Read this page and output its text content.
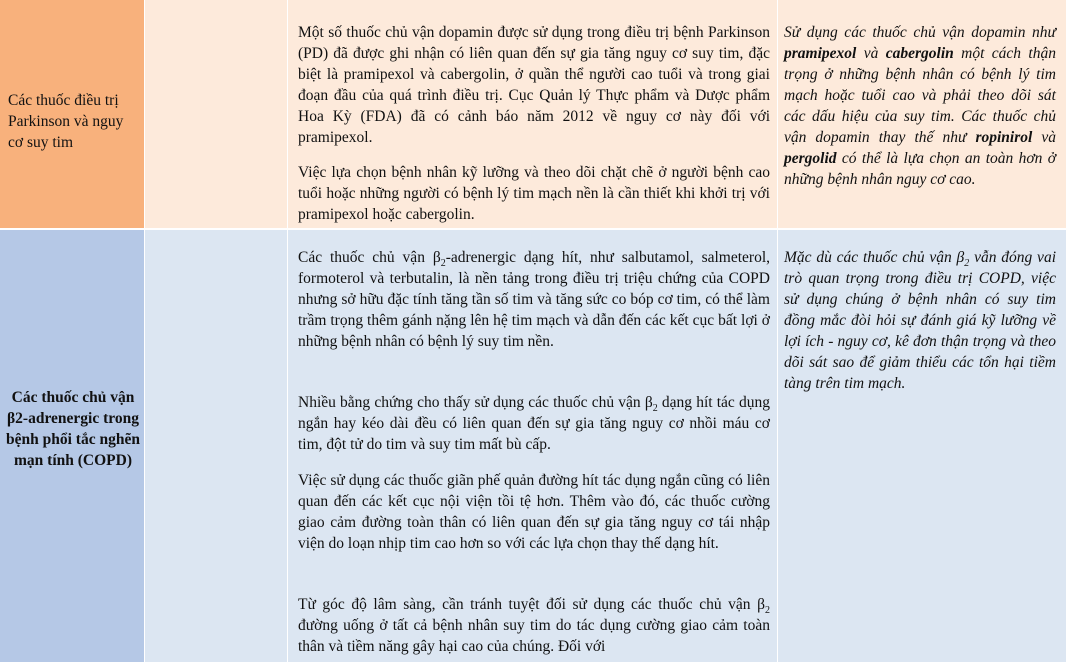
Các thuốc điều trị Parkinson và nguy cơ suy tim

Một số thuốc chủ vận dopamin được sử dụng trong điều trị bệnh Parkinson (PD) đã được ghi nhận có liên quan đến sự gia tăng nguy cơ suy tim, đặc biệt là pramipexol và cabergolin, ở quần thể người cao tuổi và trong giai đoạn đầu của quá trình điều trị. Cục Quản lý Thực phẩm và Dược phẩm Hoa Kỳ (FDA) đã có cảnh báo năm 2012 về nguy cơ này đối với pramipexol.

Việc lựa chọn bệnh nhân kỹ lưỡng và theo dõi chặt chẽ ở người bệnh cao tuổi hoặc những người có bệnh lý tim mạch nền là cần thiết khi khởi trị với pramipexol hoặc cabergolin.

Sử dụng các thuốc chủ vận dopamin như pramipexol và cabergolin một cách thận trọng ở những bệnh nhân có bệnh lý tim mạch hoặc tuổi cao và phải theo dõi sát các dấu hiệu của suy tim. Các thuốc chủ vận dopamin thay thế như ropinirol và pergolid có thể là lựa chọn an toàn hơn ở những bệnh nhân nguy cơ cao.

Các thuốc chủ vận β2-adrenergic trong bệnh phổi tắc nghẽn mạn tính (COPD)

Các thuốc chủ vận $\beta_2$-adrenergic dạng hít, như salbutamol, salmeterol, formoterol và terbutalin, là nền tảng trong điều trị triệu chứng của COPD nhưng sở hữu đặc tính tăng tần số tim và tăng sức co bóp cơ tim, có thể làm trầm trọng thêm gánh nặng lên hệ tim mạch và dẫn đến các kết cục bất lợi ở những bệnh nhân có bệnh lý suy tim nền.

Nhiều bằng chứng cho thấy sử dụng các thuốc chủ vận $\beta_2$ dạng hít tác dụng ngắn hay kéo dài đều có liên quan đến sự gia tăng nguy cơ nhồi máu cơ tim, đột tử do tim và suy tim mất bù cấp.

Việc sử dụng các thuốc giãn phế quản đường hít tác dụng ngắn cũng có liên quan đến các kết cục nội viện tồi tệ hơn. Thêm vào đó, các thuốc cường giao cảm đường toàn thân có liên quan đến sự gia tăng nguy cơ tái nhập viện do loạn nhịp tim cao hơn so với các lựa chọn thay thế dạng hít.

Từ góc độ lâm sàng, cần tránh tuyệt đối sử dụng các thuốc chủ vận $\beta_2$ đường uống ở tất cả bệnh nhân suy tim do tác dụng cường giao cảm toàn thân và tiềm năng gây hại cao của chúng. Đối với

Mặc dù các thuốc chủ vận $\beta_2$ vẫn đóng vai trò quan trọng trong điều trị COPD, việc sử dụng chúng ở bệnh nhân có suy tim đồng mắc đòi hỏi sự đánh giá kỹ lưỡng về lợi ích - nguy cơ, kê đơn thận trọng và theo dõi sát sao để giảm thiểu các tổn hại tiềm tàng trên tim mạch.
